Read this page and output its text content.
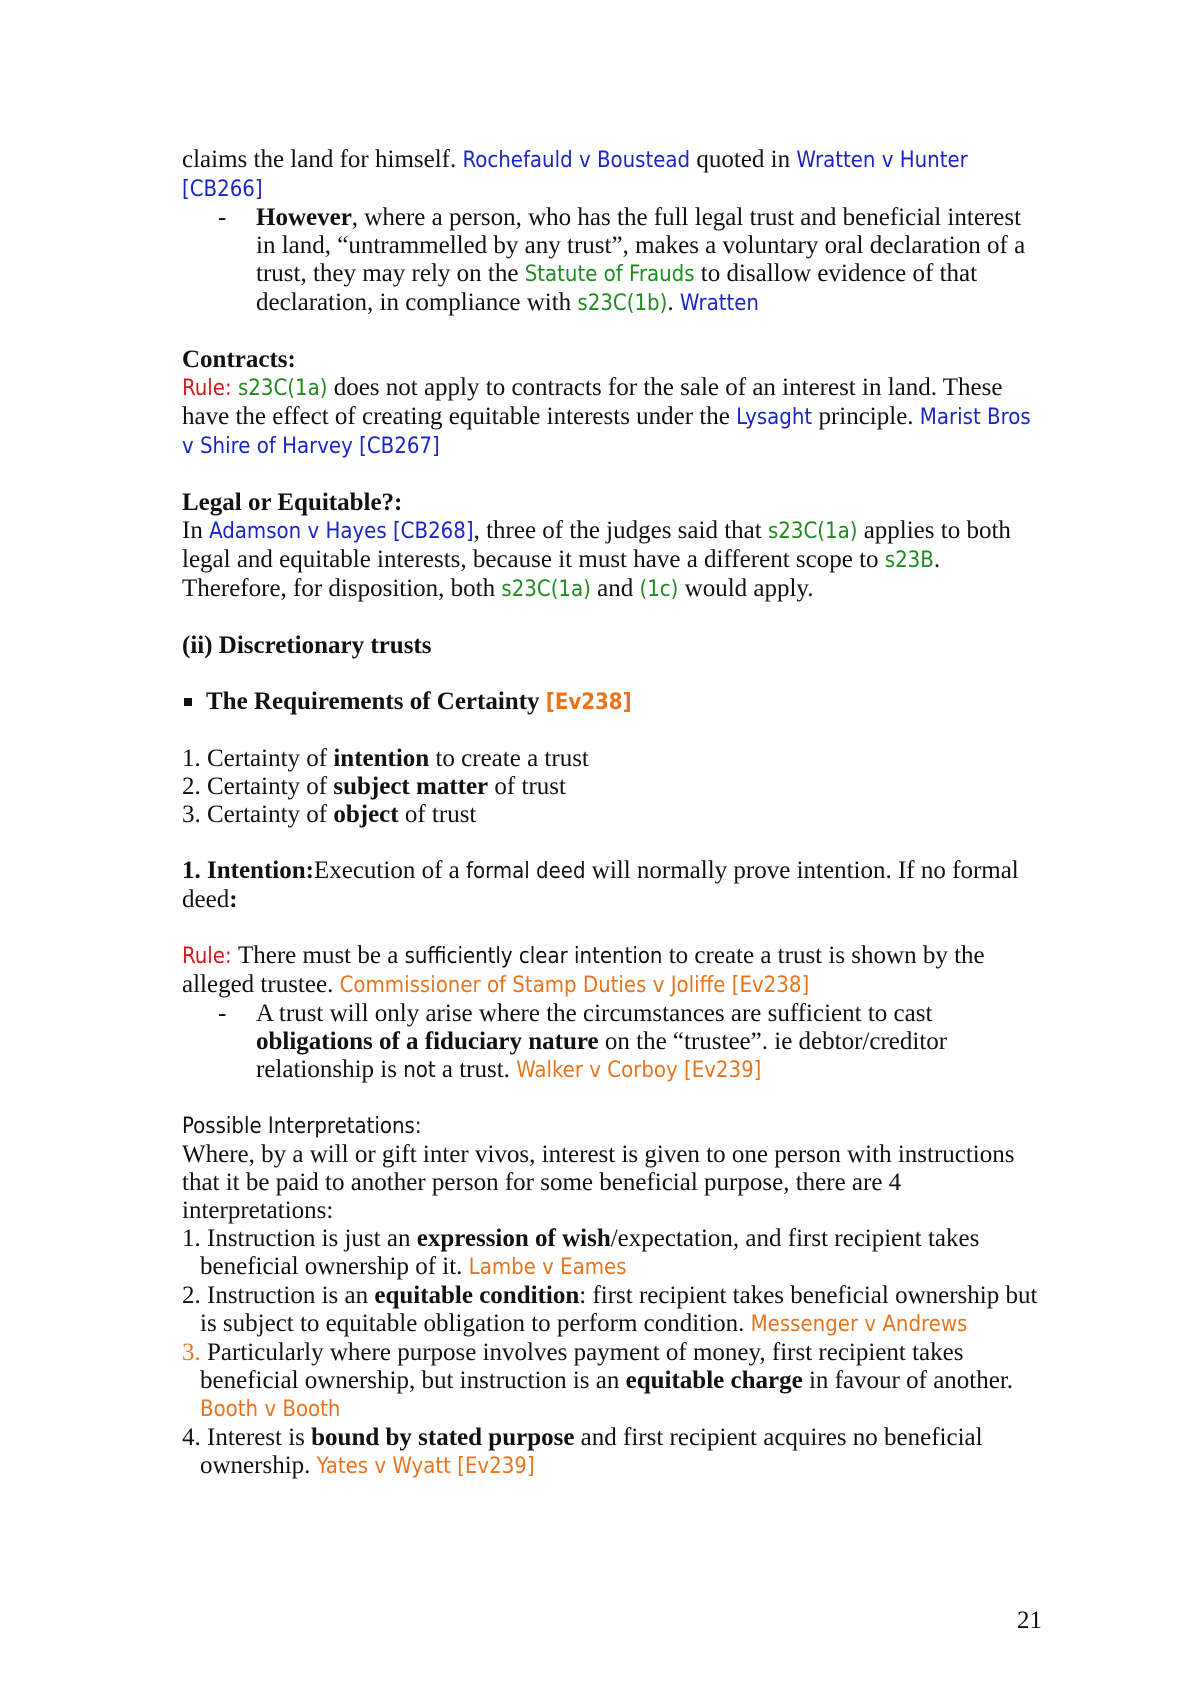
claims the land for himself. Rochefauld v Boustead quoted in Wratten v Hunter
[CB266]

- However, where a person, who has the full legal trust and beneficial interest in land, “untrammelled by any trust”, makes a voluntary oral declaration of a trust, they may rely on the Statute of Frauds to disallow evidence of that declaration, in compliance with s23C(1b). Wratten

Contracts:

Rule: s23C(1a) does not apply to contracts for the sale of an interest in land. These have the effect of creating equitable interests under the Lysaght principle. Marist Bros v Shire of Harvey [CB267]

Legal or Equitable?:

In Adamson v Hayes [CB268], three of the judges said that s23C(1a) applies to both legal and equitable interests, because it must have a different scope to s23B. Therefore, for disposition, both s23C(1a) and (1c) would apply.

(ii) Discretionary trusts

The Requirements of Certainty [Ev238]

1. Certainty of intention to create a trust

2. Certainty of subject matter of trust

3. Certainty of object of trust

1. Intention:Execution of a formal deed will normally prove intention. If no formal deed:

Rule: There must be a sufficiently clear intention to create a trust is shown by the alleged trustee. Commissioner of Stamp Duties v Joliffe [Ev238]

- A trust will only arise where the circumstances are sufficient to cast obligations of a fiduciary nature on the “trustee”. ie debtor/creditor relationship is not a trust. Walker v Corboy [Ev239]

Possible Interpretations:

Where, by a will or gift inter vivos, interest is given to one person with instructions that it be paid to another person for some beneficial purpose, there are 4 interpretations:

1. Instruction is just an expression of wish/expectation, and first recipient takes beneficial ownership of it. Lambe v Eames

2. Instruction is an equitable condition: first recipient takes beneficial ownership but is subject to equitable obligation to perform condition. Messenger v Andrews

3. Particularly where purpose involves payment of money, first recipient takes beneficial ownership, but instruction is an equitable charge in favour of another. Booth v Booth

4. Interest is bound by stated purpose and first recipient acquires no beneficial ownership. Yates v Wyatt [Ev239]

21
